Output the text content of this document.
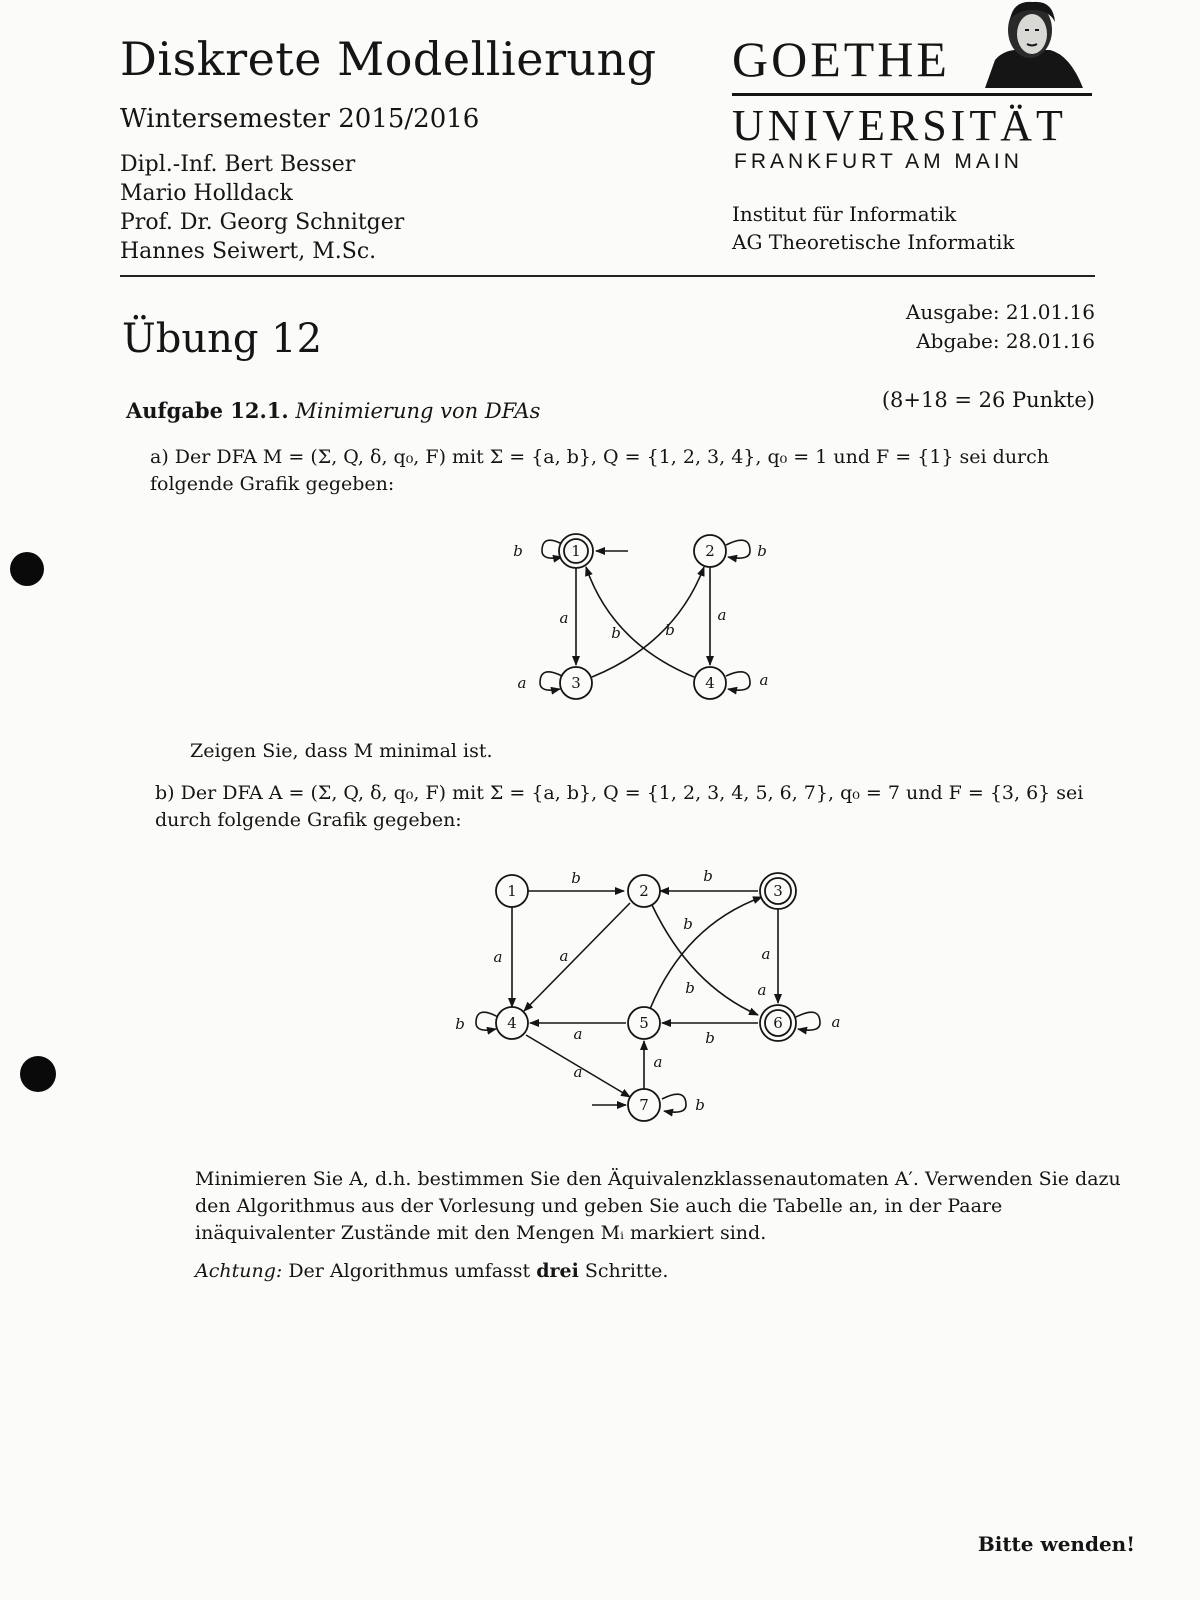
Diskrete Modellierung
Wintersemester 2015/2016
Dipl.-Inf. Bert Besser
Mario Holldack
Prof. Dr. Georg Schnitger
Hannes Seiwert, M.Sc.
GOETHE
UNIVERSITÄT
FRANKFURT AM MAIN
Institut für Informatik
AG Theoretische Informatik
Übung 12
Ausgabe: 21.01.16
Abgabe: 28.01.16
Aufgabe 12.1. Minimierung von DFAs	(8+18 = 26 Punkte)
a) Der DFA M = (Σ, Q, δ, q₀, F) mit Σ = {a, b}, Q = {1, 2, 3, 4}, q₀ = 1 und F = {1} sei durch folgende Grafik gegeben:
1	2
3	4
b	b
a	a
a	a
b	b
Zeigen Sie, dass M minimal ist.
b) Der DFA A = (Σ, Q, δ, q₀, F) mit Σ = {a, b}, Q = {1, 2, 3, 4, 5, 6, 7}, q₀ = 7 und F = {3, 6} sei durch folgende Grafik gegeben:
1	2	3
4	5	6
7
b	b
a	a	a
b
b
a
a
b
a
a
b
a
b
Minimieren Sie A, d.h. bestimmen Sie den Äquivalenzklassenautomaten A′. Verwenden Sie dazu den Algorithmus aus der Vorlesung und geben Sie auch die Tabelle an, in der Paare inäquivalenter Zustände mit den Mengen Mᵢ markiert sind.
Achtung: Der Algorithmus umfasst drei Schritte.
Bitte wenden!
